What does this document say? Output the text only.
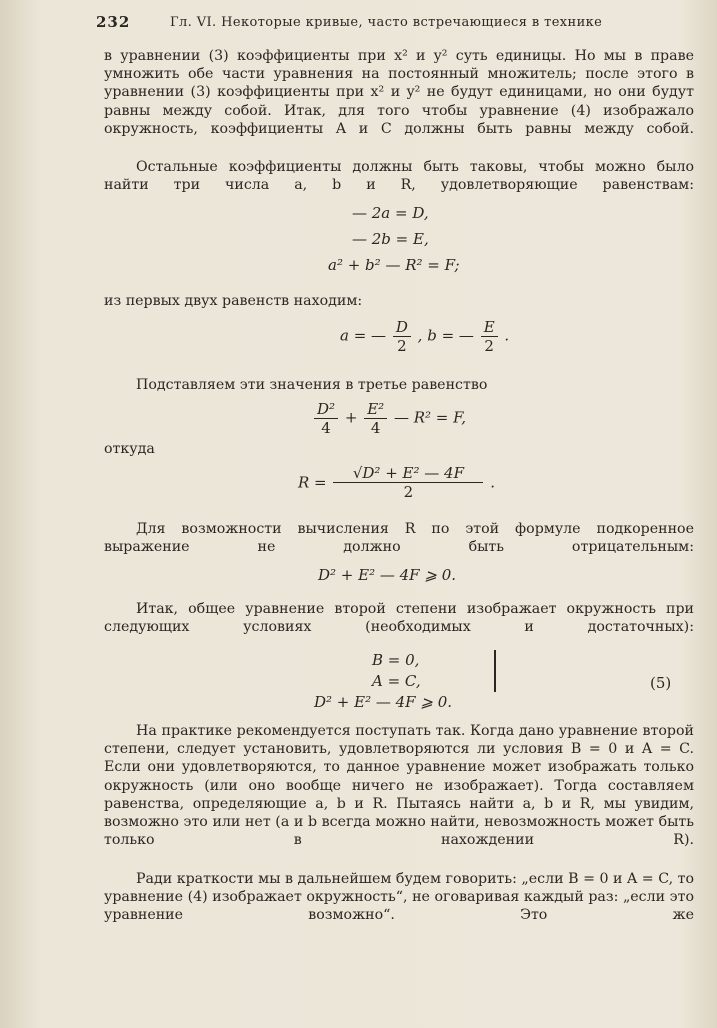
232	Гл. VI. Некоторые кривые, часто встречающиеся в технике

в уравнении (3) коэффициенты при x² и y² суть единицы. Но мы в праве умножить обе части уравнения на постоянный множитель; после этого в уравнении (3) коэффициенты при x² и y² не будут единицами, но они будут равны между собой. Итак, для того чтобы уравнение (4) изображало окружность, коэффициенты A и C должны быть равны между собой.

Остальные коэффициенты должны быть таковы, чтобы можно было найти три числа a, b и R, удовлетворяющие равенствам:

— 2a = D,
— 2b = E,
a² + b² — R² = F;

из первых двух равенств находим:

a = — $\frac{D}{2}$ , b = — $\frac{E}{2}$ .

Подставляем эти значения в третье равенство

$\frac{\text{D²}}{4} + \frac{\text{E²}}{4}$ — R² = F,

откуда

$R = \frac{\text{√D² + E² — 4F}}{2}$ .

Для возможности вычисления R по этой формуле подкоренное выражение не должно быть отрицательным:

D² + E² — 4F ⩾ 0.

Итак, общее уравнение второй степени изображает окружность при следующих условиях (необходимых и достаточных):

B = 0,
A = C,
D² + E² — 4F ⩾ 0.
(5)

На практике рекомендуется поступать так. Когда дано уравнение второй степени, следует установить, удовлетворяются ли условия B = 0 и A = C. Если они удовлетворяются, то данное уравнение может изображать только окружность (или оно вообще ничего не изображает). Тогда составляем равенства, определяющие a, b и R. Пытаясь найти a, b и R, мы увидим, возможно это или нет (a и b всегда можно найти, невозможность может быть только в нахождении R).

Ради краткости мы в дальнейшем будем говорить: „если B = 0 и A = C, то уравнение (4) изображает окружность“, не оговаривая каждый раз: „если это уравнение возможно“. Это же
